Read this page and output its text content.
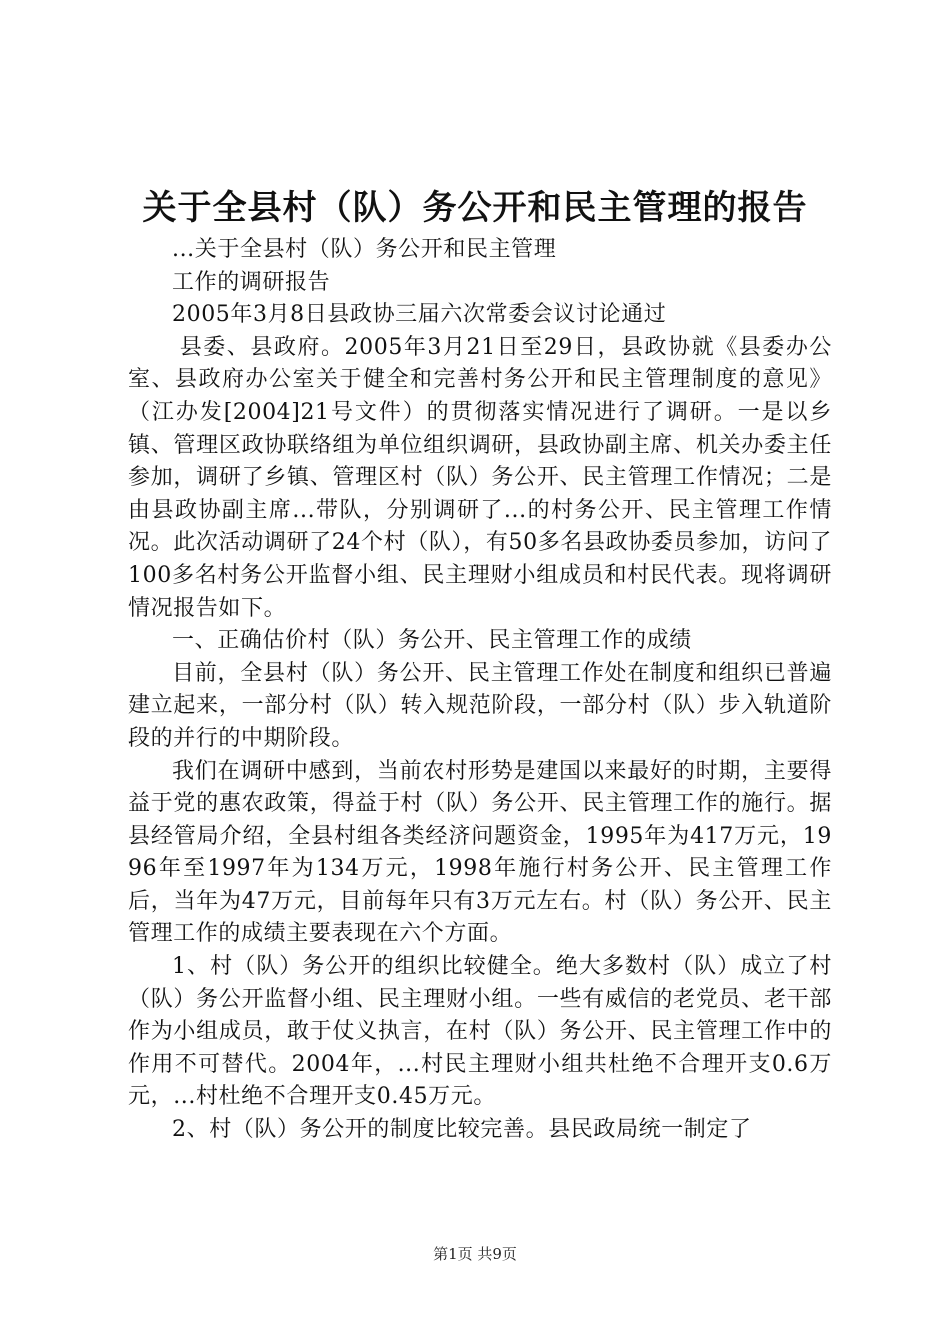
关于全县村（队）务公开和民主管理的报告

...关于全县村（队）务公开和民主管理

工作的调研报告

2005年3月8日县政协三届六次常委会议讨论通过

县委、县政府。2005年3月21日至29日，县政协就《县委办公室、县政府办公室关于健全和完善村务公开和民主管理制度的意见》（江办发[2004]21号文件）的贯彻落实情况进行了调研。一是以乡镇、管理区政协联络组为单位组织调研，县政协副主席、机关办委主任参加，调研了乡镇、管理区村（队）务公开、民主管理工作情况；二是由县政协副主席...带队，分别调研了...的村务公开、民主管理工作情况。此次活动调研了24个村（队），有50多名县政协委员参加，访问了100多名村务公开监督小组、民主理财小组成员和村民代表。现将调研情况报告如下。

一、正确估价村（队）务公开、民主管理工作的成绩

目前，全县村（队）务公开、民主管理工作处在制度和组织已普遍建立起来，一部分村（队）转入规范阶段，一部分村（队）步入轨道阶段的并行的中期阶段。

我们在调研中感到，当前农村形势是建国以来最好的时期，主要得益于党的惠农政策，得益于村（队）务公开、民主管理工作的施行。据县经管局介绍，全县村组各类经济问题资金，1995年为417万元，1996年至1997年为134万元，1998年施行村务公开、民主管理工作后，当年为47万元，目前每年只有3万元左右。村（队）务公开、民主管理工作的成绩主要表现在六个方面。

1、村（队）务公开的组织比较健全。绝大多数村（队）成立了村（队）务公开监督小组、民主理财小组。一些有威信的老党员、老干部作为小组成员，敢于仗义执言，在村（队）务公开、民主管理工作中的作用不可替代。2004年，...村民主理财小组共杜绝不合理开支0.6万元，...村杜绝不合理开支0.45万元。

2、村（队）务公开的制度比较完善。县民政局统一制定了

第1页 共9页
